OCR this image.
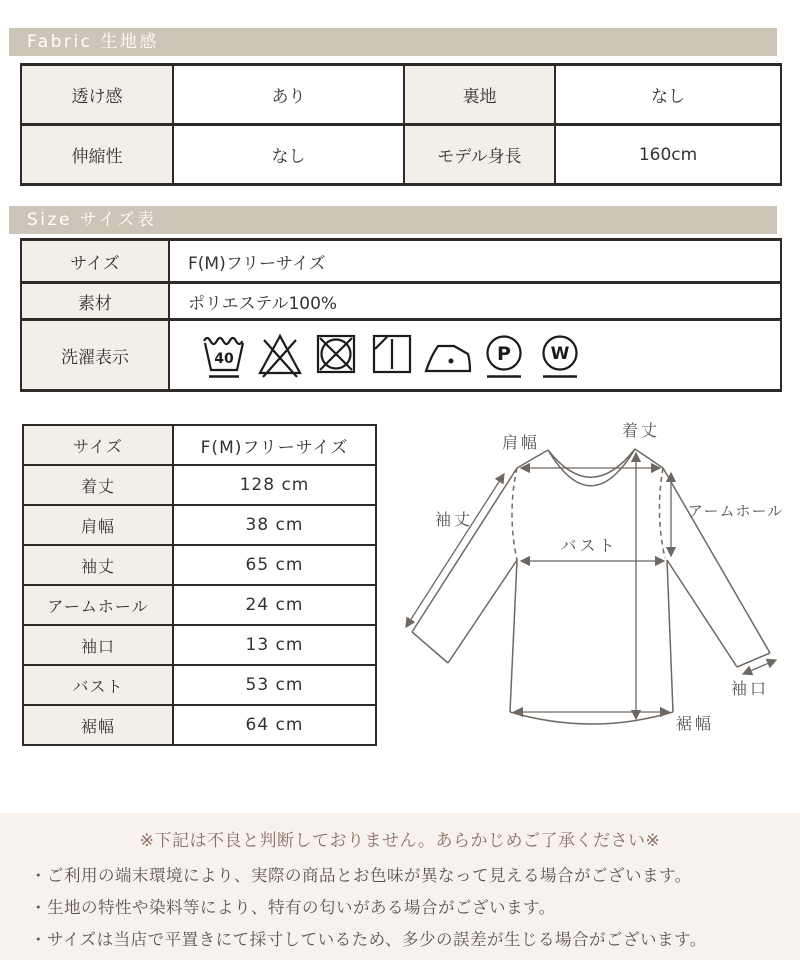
Fabric 生地感
透け感	あり	裏地	なし
伸縮性	なし	モデル身長	160cm
Size サイズ表
サイズ	F(M)フリーサイズ
素材	ポリエステル100%
洗濯表示	40 P W
サイズ	F(M)フリーサイズ
着丈	128 cm
肩幅	38 cm
袖丈	65 cm
アームホール	24 cm
袖口	13 cm
バスト	53 cm
裾幅	64 cm
肩幅
着丈
袖丈	アームホール
バスト
袖口
裾幅
※下記は不良と判断しておりません。あらかじめご了承ください※
・ご利用の端末環境により、実際の商品とお色味が異なって見える場合がございます。
・生地の特性や染料等により、特有の匂いがある場合がございます。
・サイズは当店で平置きにて採寸しているため、多少の誤差が生じる場合がございます。
